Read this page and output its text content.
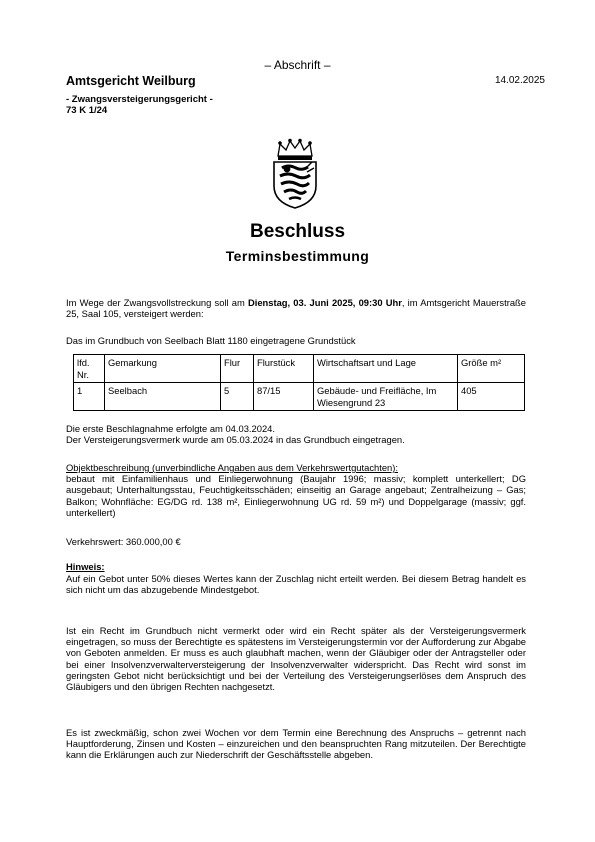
– Abschrift –
Amtsgericht Weilburg
- Zwangsversteigerungsgericht -
73 K 1/24
14.02.2025
Beschluss
Terminsbestimmung
Im Wege der Zwangsvollstreckung soll am Dienstag, 03. Juni 2025, 09:30 Uhr, im Amtsgericht Mauerstraße 25, Saal 105, versteigert werden:
Das im Grundbuch von Seelbach Blatt 1180 eingetragene Grundstück
lfd. Nr.	Gemarkung	Flur	Flurstück	Wirtschaftsart und Lage	Größe m²
1	Seelbach	5	87/15	Gebäude- und Freifläche, Im Wiesengrund 23	405
Die erste Beschlagnahme erfolgte am 04.03.2024.
Der Versteigerungsvermerk wurde am 05.03.2024 in das Grundbuch eingetragen.
Objektbeschreibung (unverbindliche Angaben aus dem Verkehrswertgutachten):
bebaut mit Einfamilienhaus und Einliegerwohnung (Baujahr 1996; massiv; komplett unterkellert; DG ausgebaut; Unterhaltungsstau, Feuchtigkeitsschäden; einseitig an Garage angebaut; Zentralheizung – Gas; Balkon; Wohnfläche: EG/DG rd. 138 m², Einliegerwohnung UG rd. 59 m²) und Doppelgarage (massiv; ggf. unterkellert)
Verkehrswert: 360.000,00 €
Hinweis:
Auf ein Gebot unter 50% dieses Wertes kann der Zuschlag nicht erteilt werden. Bei diesem Betrag handelt es sich nicht um das abzugebende Mindestgebot.
Ist ein Recht im Grundbuch nicht vermerkt oder wird ein Recht später als der Versteigerungsvermerk eingetragen, so muss der Berechtigte es spätestens im Versteigerungstermin vor der Aufforderung zur Abgabe von Geboten anmelden. Er muss es auch glaubhaft machen, wenn der Gläubiger oder der Antragsteller oder bei einer Insolvenzverwalterversteigerung der Insolvenzverwalter widerspricht. Das Recht wird sonst im geringsten Gebot nicht berücksichtigt und bei der Verteilung des Versteigerungserlöses dem Anspruch des Gläubigers und den übrigen Rechten nachgesetzt.
Es ist zweckmäßig, schon zwei Wochen vor dem Termin eine Berechnung des Anspruchs – getrennt nach Hauptforderung, Zinsen und Kosten – einzureichen und den beanspruchten Rang mitzuteilen. Der Berechtigte kann die Erklärungen auch zur Niederschrift der Geschäftsstelle abgeben.
